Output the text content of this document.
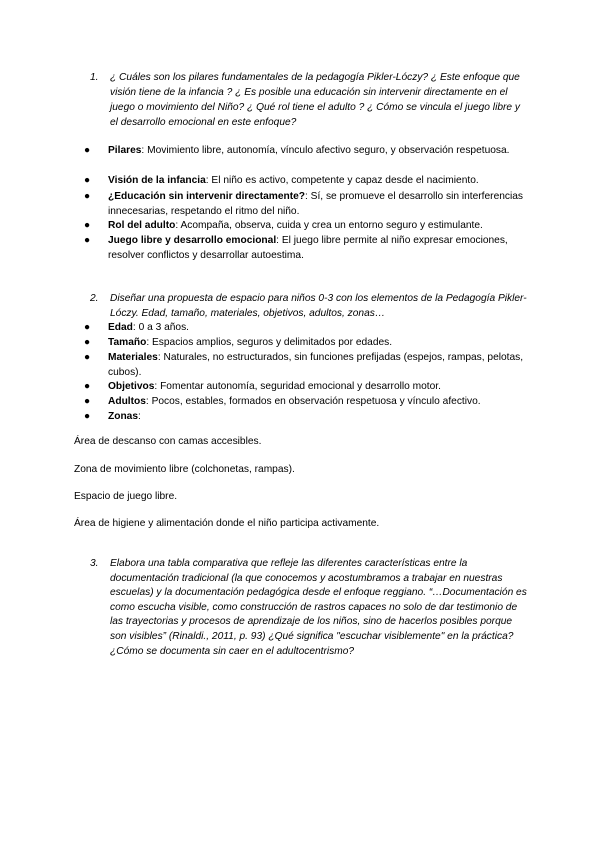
1. ¿ Cuáles son los pilares fundamentales de la pedagogía Pikler-Lóczy? ¿ Este enfoque que visión tiene de la infancia ? ¿ Es posible una educación sin intervenir directamente en el juego o movimiento del Niño? ¿ Qué rol tiene el adulto ? ¿ Cómo se vincula el juego libre y el desarrollo emocional en este enfoque?
● Pilares: Movimiento libre, autonomía, vínculo afectivo seguro, y observación respetuosa.
● Visión de la infancia: El niño es activo, competente y capaz desde el nacimiento.
● ¿Educación sin intervenir directamente?: Sí, se promueve el desarrollo sin interferencias innecesarias, respetando el ritmo del niño.
● Rol del adulto: Acompaña, observa, cuida y crea un entorno seguro y estimulante.
● Juego libre y desarrollo emocional: El juego libre permite al niño expresar emociones, resolver conflictos y desarrollar autoestima.
2. Diseñar una propuesta de espacio para niños 0-3 con los elementos de la Pedagogía Pikler-Lóczy. Edad, tamaño, materiales, objetivos, adultos, zonas…
● Edad: 0 a 3 años.
● Tamaño: Espacios amplios, seguros y delimitados por edades.
● Materiales: Naturales, no estructurados, sin funciones prefijadas (espejos, rampas, pelotas, cubos).
● Objetivos: Fomentar autonomía, seguridad emocional y desarrollo motor.
● Adultos: Pocos, estables, formados en observación respetuosa y vínculo afectivo.
● Zonas:
Área de descanso con camas accesibles.
Zona de movimiento libre (colchonetas, rampas).
Espacio de juego libre.
Área de higiene y alimentación donde el niño participa activamente.
3. Elabora una tabla comparativa que refleje las diferentes características entre la documentación tradicional (la que conocemos y acostumbramos a trabajar en nuestras escuelas) y la documentación pedagógica desde el enfoque reggiano. “…Documentación es como escucha visible, como construcción de rastros capaces no solo de dar testimonio de las trayectorias y procesos de aprendizaje de los niños, sino de hacerlos posibles porque son visibles” (Rinaldi., 2011, p. 93) ¿Qué significa "escuchar visiblemente" en la práctica? ¿Cómo se documenta sin caer en el adultocentrismo?
